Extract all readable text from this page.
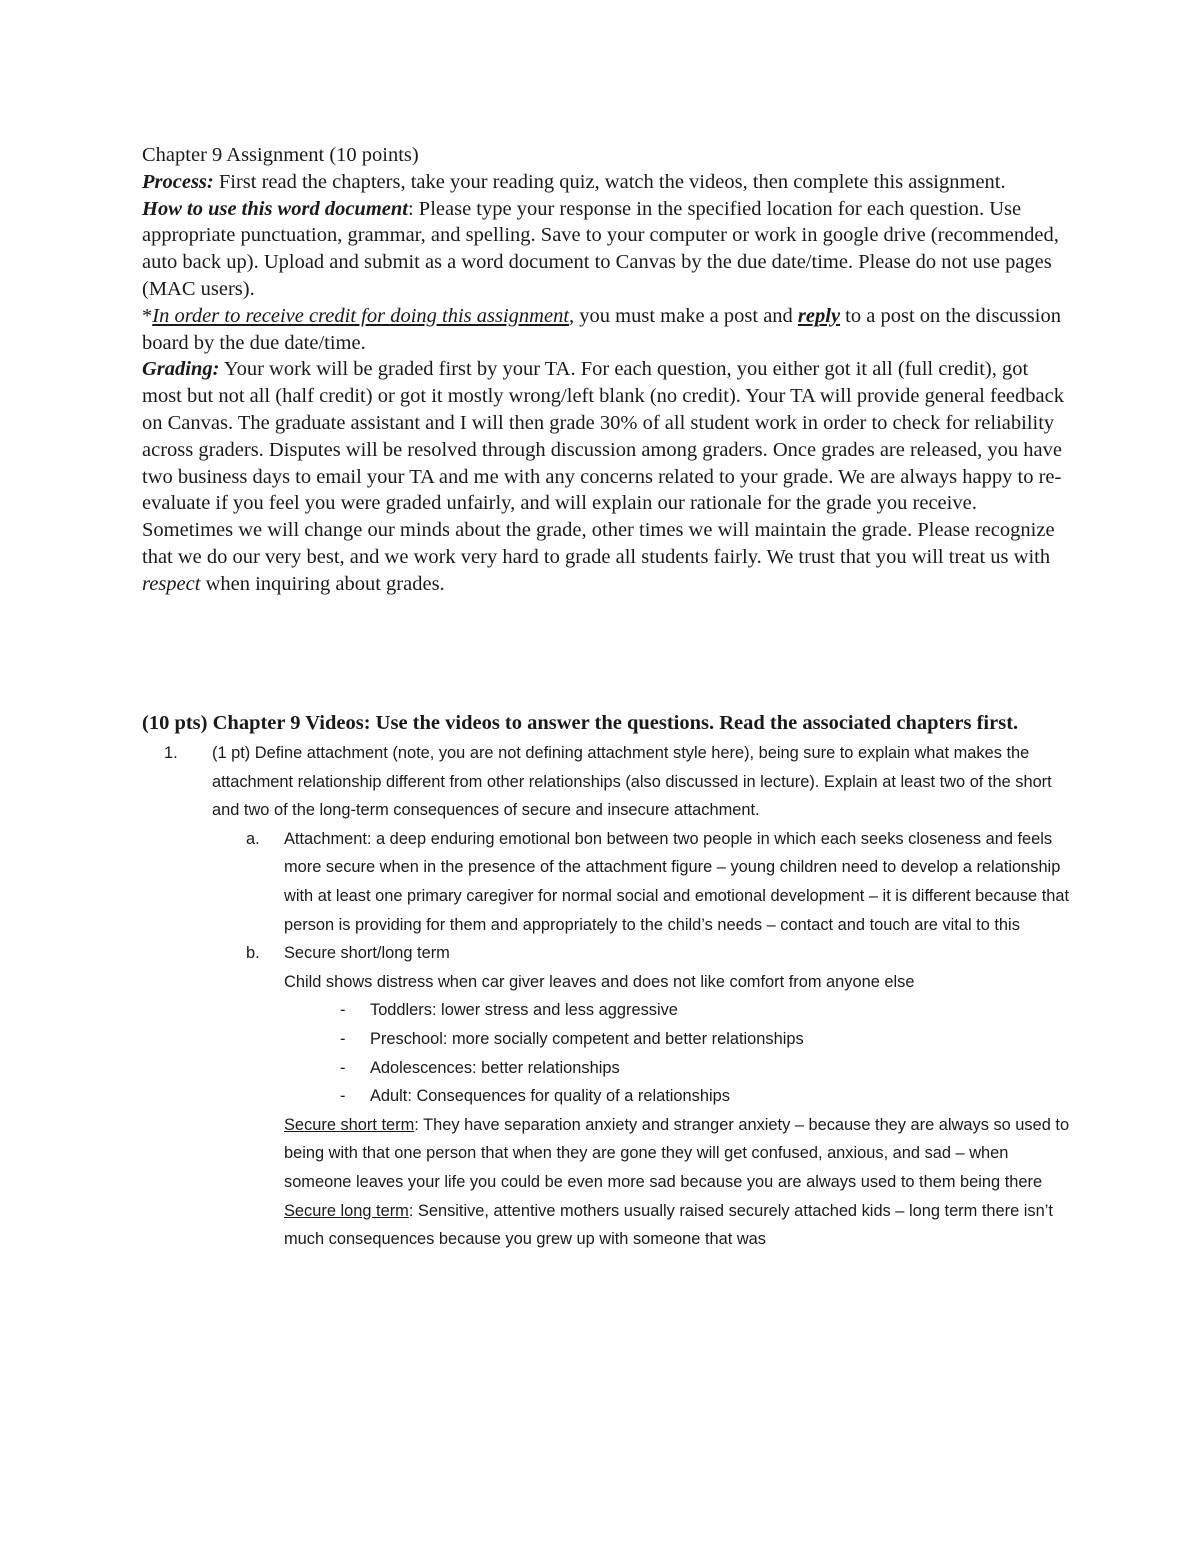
Chapter 9 Assignment (10 points)

Process: First read the chapters, take your reading quiz, watch the videos, then complete this assignment.

How to use this word document: Please type your response in the specified location for each question. Use appropriate punctuation, grammar, and spelling. Save to your computer or work in google drive (recommended, auto back up). Upload and submit as a word document to Canvas by the due date/time. Please do not use pages (MAC users).

*In order to receive credit for doing this assignment, you must make a post and reply to a post on the discussion board by the due date/time.

Grading: Your work will be graded first by your TA. For each question, you either got it all (full credit), got most but not all (half credit) or got it mostly wrong/left blank (no credit). Your TA will provide general feedback on Canvas. The graduate assistant and I will then grade 30% of all student work in order to check for reliability across graders. Disputes will be resolved through discussion among graders. Once grades are released, you have two business days to email your TA and me with any concerns related to your grade. We are always happy to re-evaluate if you feel you were graded unfairly, and will explain our rationale for the grade you receive. Sometimes we will change our minds about the grade, other times we will maintain the grade. Please recognize that we do our very best, and we work very hard to grade all students fairly. We trust that you will treat us with respect when inquiring about grades.

(10 pts) Chapter 9 Videos: Use the videos to answer the questions. Read the associated chapters first.

1. (1 pt) Define attachment (note, you are not defining attachment style here), being sure to explain what makes the attachment relationship different from other relationships (also discussed in lecture). Explain at least two of the short and two of the long-term consequences of secure and insecure attachment.
a. Attachment: a deep enduring emotional bon between two people in which each seeks closeness and feels more secure when in the presence of the attachment figure – young children need to develop a relationship with at least one primary caregiver for normal social and emotional development – it is different because that person is providing for them and appropriately to the child’s needs – contact and touch are vital to this
b. Secure short/long term
Child shows distress when car giver leaves and does not like comfort from anyone else
- Toddlers: lower stress and less aggressive
- Preschool: more socially competent and better relationships
- Adolescences: better relationships
- Adult: Consequences for quality of a relationships
Secure short term: They have separation anxiety and stranger anxiety – because they are always so used to being with that one person that when they are gone they will get confused, anxious, and sad – when someone leaves your life you could be even more sad because you are always used to them being there
Secure long term: Sensitive, attentive mothers usually raised securely attached kids – long term there isn’t much consequences because you grew up with someone that was
